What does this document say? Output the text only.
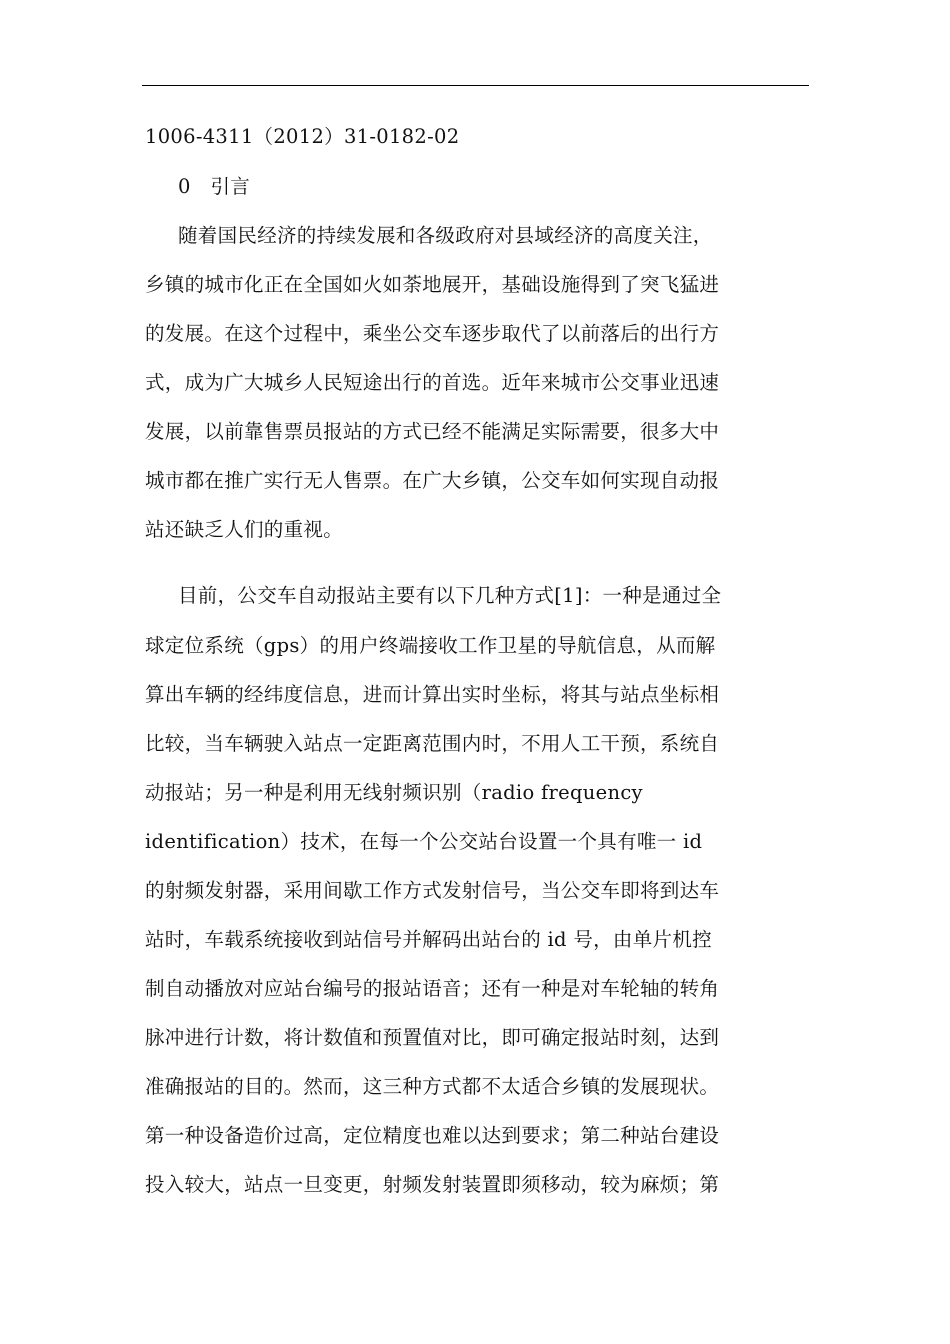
1006-4311（2012）31-0182-02
0　引言
随着国民经济的持续发展和各级政府对县域经济的高度关注，
乡镇的城市化正在全国如火如荼地展开，基础设施得到了突飞猛进
的发展。在这个过程中，乘坐公交车逐步取代了以前落后的出行方
式，成为广大城乡人民短途出行的首选。近年来城市公交事业迅速
发展，以前靠售票员报站的方式已经不能满足实际需要，很多大中
城市都在推广实行无人售票。在广大乡镇，公交车如何实现自动报
站还缺乏人们的重视。
目前，公交车自动报站主要有以下几种方式[1]：一种是通过全
球定位系统（gps）的用户终端接收工作卫星的导航信息，从而解
算出车辆的经纬度信息，进而计算出实时坐标，将其与站点坐标相
比较，当车辆驶入站点一定距离范围内时，不用人工干预，系统自
动报站；另一种是利用无线射频识别（radio frequency
identification）技术，在每一个公交站台设置一个具有唯一 id
的射频发射器，采用间歇工作方式发射信号，当公交车即将到达车
站时，车载系统接收到站信号并解码出站台的 id 号，由单片机控
制自动播放对应站台编号的报站语音；还有一种是对车轮轴的转角
脉冲进行计数，将计数值和预置值对比，即可确定报站时刻，达到
准确报站的目的。然而，这三种方式都不太适合乡镇的发展现状。
第一种设备造价过高，定位精度也难以达到要求；第二种站台建设
投入较大，站点一旦变更，射频发射装置即须移动，较为麻烦；第
